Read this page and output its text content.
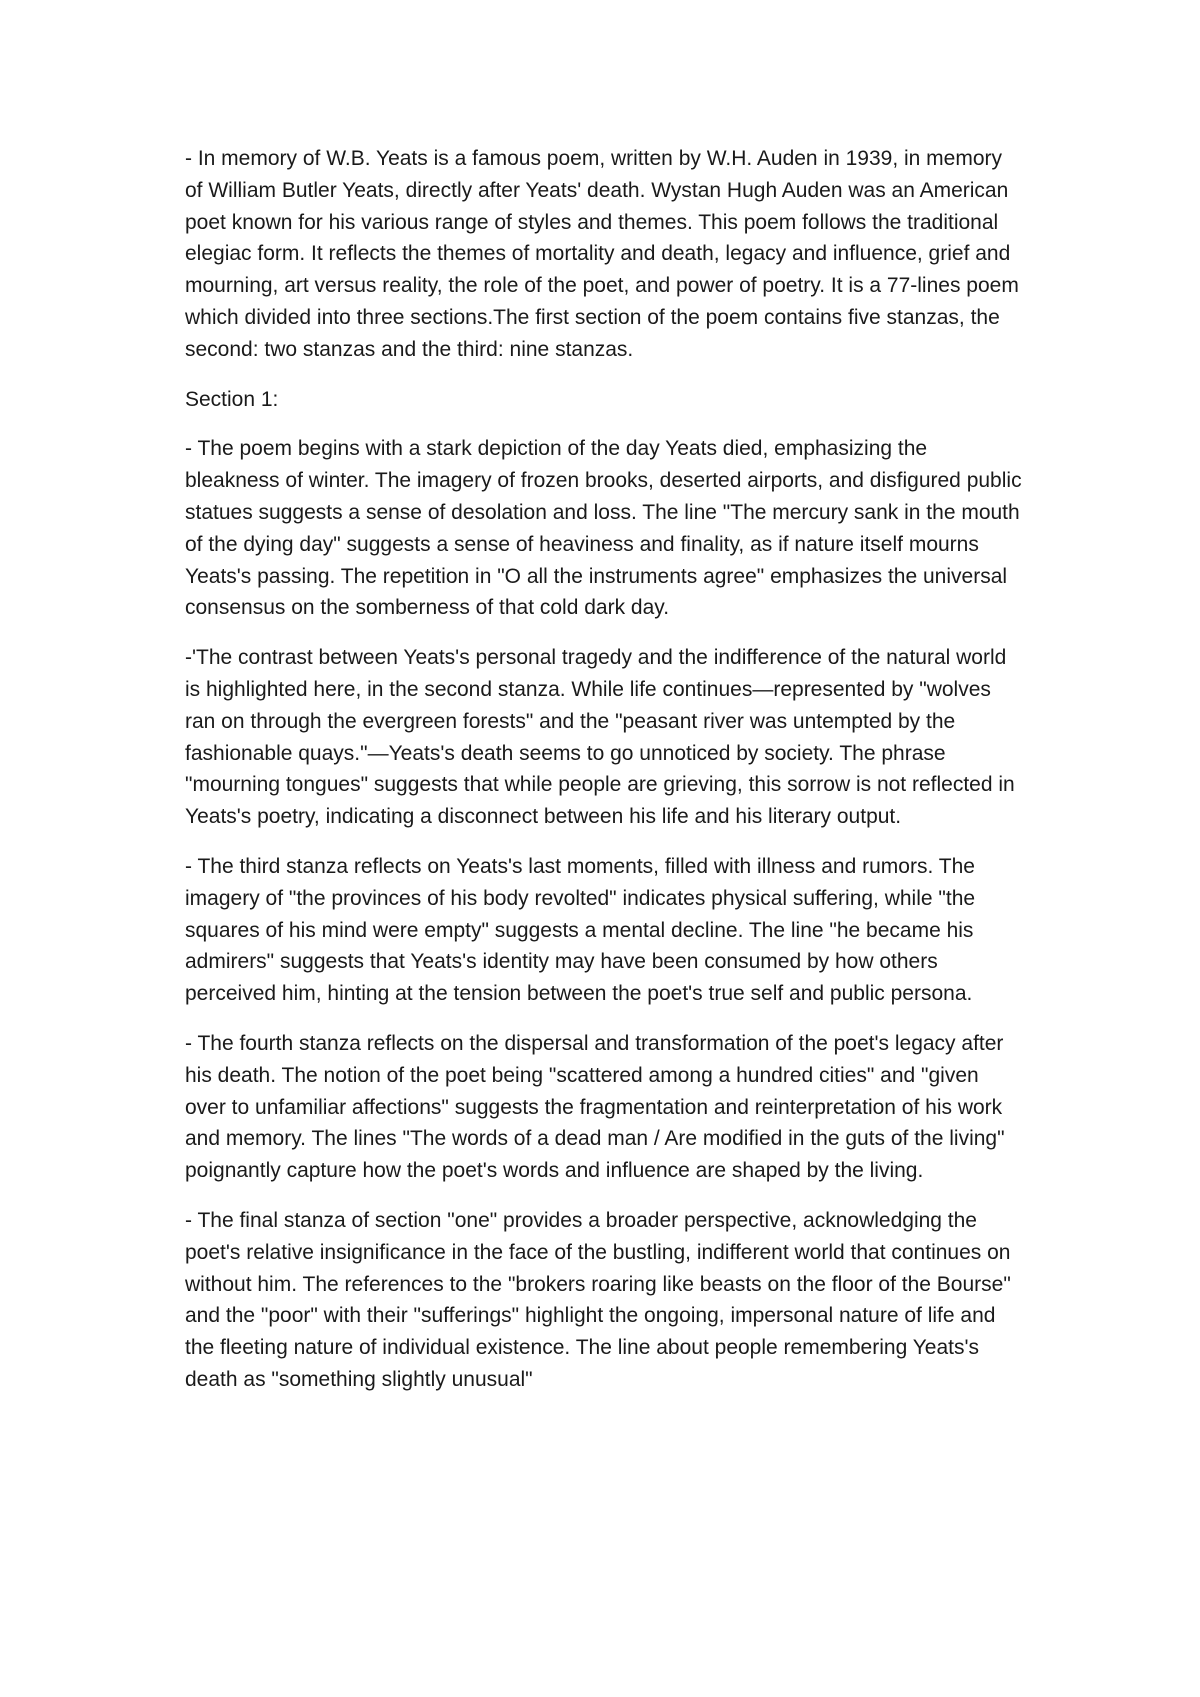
- In memory of W.B. Yeats is a famous poem, written by W.H. Auden in 1939, in memory of William Butler Yeats, directly after Yeats' death. Wystan Hugh Auden was an American poet known for his various range of styles and themes. This poem follows the traditional elegiac form. It reflects the themes of mortality and death, legacy and influence, grief and mourning, art versus reality, the role of the poet, and power of poetry. It is a 77-lines poem which divided into three sections.The first section of the poem contains five stanzas, the second: two stanzas and the third: nine stanzas.

Section 1:

- The poem begins with a stark depiction of the day Yeats died, emphasizing the bleakness of winter. The imagery of frozen brooks, deserted airports, and disfigured public statues suggests a sense of desolation and loss. The line "The mercury sank in the mouth of the dying day" suggests a sense of heaviness and finality, as if nature itself mourns Yeats's passing. The repetition in "O all the instruments agree" emphasizes the universal consensus on the somberness of that cold dark day.

-'The contrast between Yeats's personal tragedy and the indifference of the natural world is highlighted here, in the second stanza. While life continues—represented by "wolves ran on through the evergreen forests" and the "peasant river was untempted by the fashionable quays."—Yeats's death seems to go unnoticed by society. The phrase "mourning tongues" suggests that while people are grieving, this sorrow is not reflected in Yeats's poetry, indicating a disconnect between his life and his literary output.

- The third stanza reflects on Yeats's last moments, filled with illness and rumors. The imagery of "the provinces of his body revolted" indicates physical suffering, while "the squares of his mind were empty" suggests a mental decline. The line "he became his admirers" suggests that Yeats's identity may have been consumed by how others perceived him, hinting at the tension between the poet's true self and public persona.

- The fourth stanza reflects on the dispersal and transformation of the poet's legacy after his death. The notion of the poet being "scattered among a hundred cities" and "given over to unfamiliar affections" suggests the fragmentation and reinterpretation of his work and memory. The lines "The words of a dead man / Are modified in the guts of the living" poignantly capture how the poet's words and influence are shaped by the living.

- The final stanza of section "one" provides a broader perspective, acknowledging the poet's relative insignificance in the face of the bustling, indifferent world that continues on without him. The references to the "brokers roaring like beasts on the floor of the Bourse" and the "poor" with their "sufferings" highlight the ongoing, impersonal nature of life and the fleeting nature of individual existence. The line about people remembering Yeats's death as "something slightly unusual"
